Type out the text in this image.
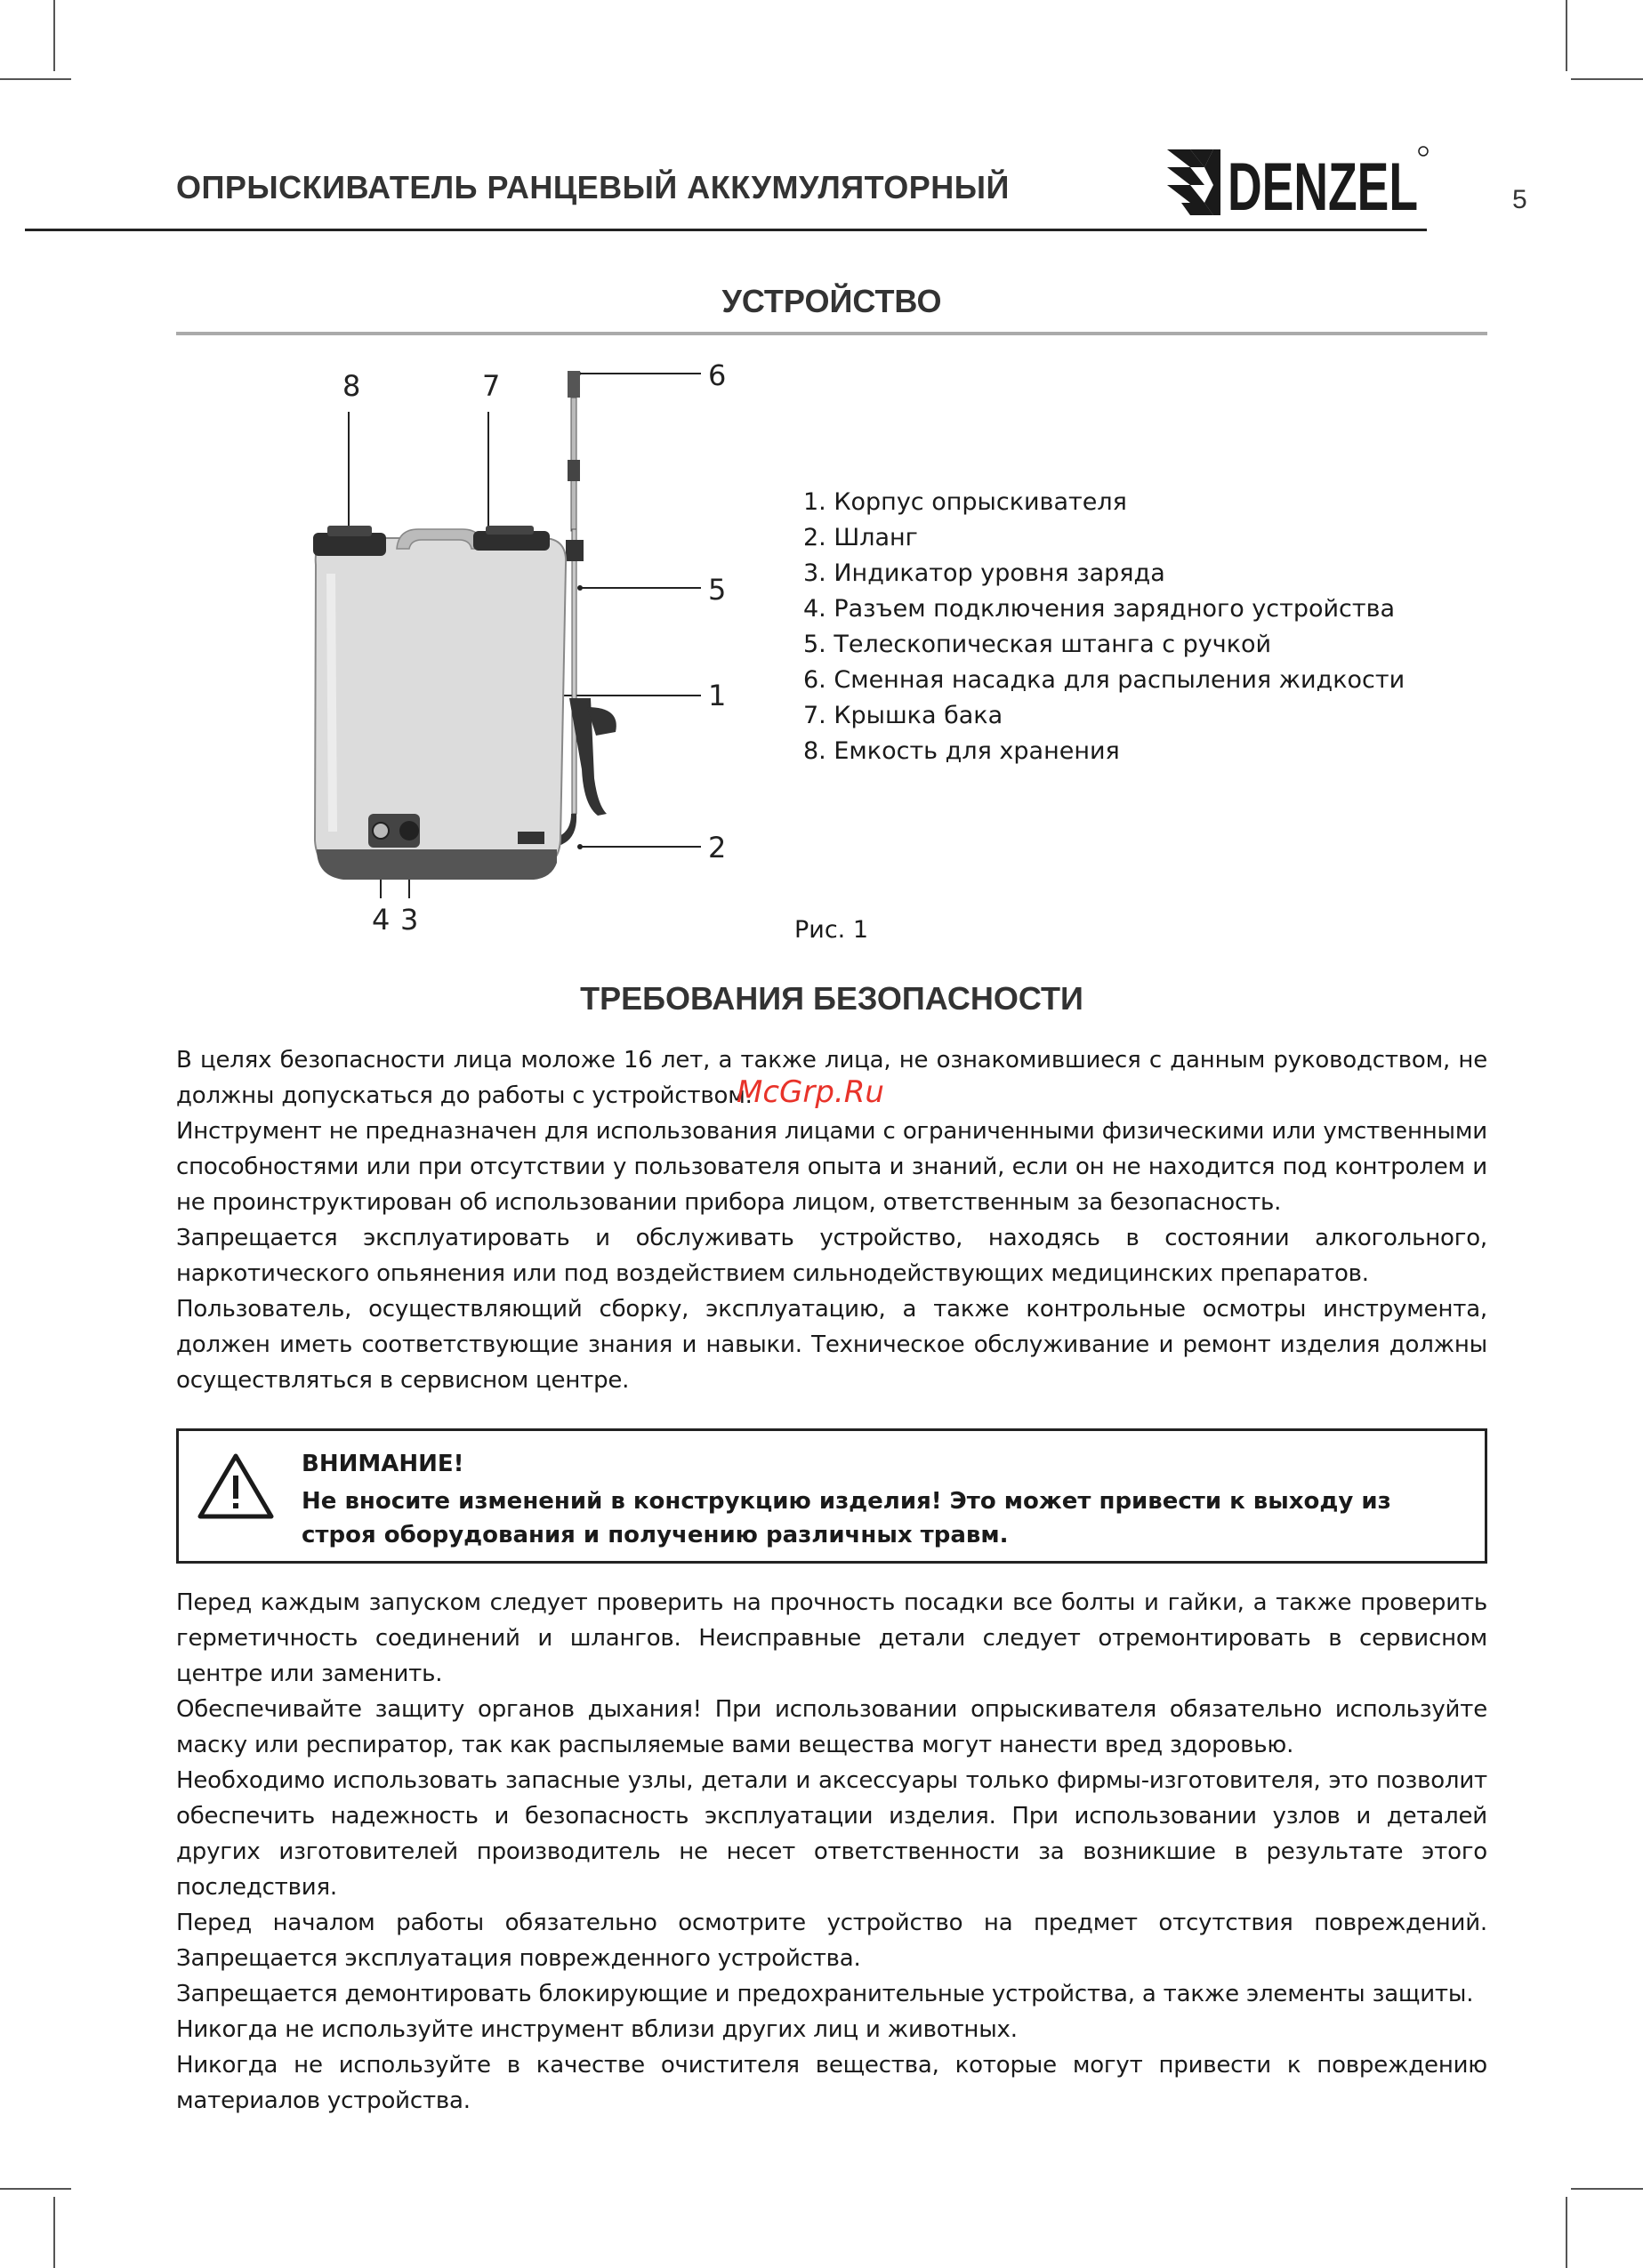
ОПРЫСКИВАТЕЛЬ РАНЦЕВЫЙ АККУМУЛЯТОРНЫЙ	5
DENZEL
УСТРОЙСТВО
8	7	6
5
1
2
4 3
1. Корпус опрыскивателя
2. Шланг
3. Индикатор уровня заряда
4. Разъем подключения зарядного устройства
5. Телескопическая штанга с ручкой
6. Сменная насадка для распыления жидкости
7. Крышка бака
8. Емкость для хранения
Рис. 1
ТРЕБОВАНИЯ БЕЗОПАСНОСТИ

В целях безопасности лица моложе 16 лет, а также лица, не ознакомившиеся с данным руководством, не должны допускаться до работы с устройством.

Инструмент не предназначен для использования лицами с ограниченными физическими или умственными способностями или при отсутствии у пользователя опыта и знаний, если он не находится под контролем и не проинструктирован об использовании прибора лицом, ответственным за безопасность.

Запрещается эксплуатировать и обслуживать устройство, находясь в состоянии алкогольного, наркотического опьянения или под воздействием сильнодействующих медицинских препаратов.

Пользователь, осуществляющий сборку, эксплуатацию, а также контрольные осмотры инструмента, должен иметь соответствующие знания и навыки. Техническое обслуживание и ремонт изделия должны осуществляться в сервисном центре.

McGrp.Ru
ВНИМАНИЕ!
Не вносите изменений в конструкцию изделия! Это может привести к выходу из строя оборудования и получению различных травм.

Перед каждым запуском следует проверить на прочность посадки все болты и гайки, а также проверить герметичность соединений и шлангов. Неисправные детали следует отремонтировать в сервисном центре или заменить.

Обеспечивайте защиту органов дыхания! При использовании опрыскивателя обязательно используйте маску или респиратор, так как распыляемые вами вещества могут нанести вред здоровью.

Необходимо использовать запасные узлы, детали и аксессуары только фирмы-изготовителя, это позволит обеспечить надежность и безопасность эксплуатации изделия. При использовании узлов и деталей других изготовителей производитель не несет ответственности за возникшие в результате этого последствия.

Перед началом работы обязательно осмотрите устройство на предмет отсутствия повреждений. Запрещается эксплуатация поврежденного устройства.

Запрещается демонтировать блокирующие и предохранительные устройства, а также элементы защиты.

Никогда не используйте инструмент вблизи других лиц и животных.

Никогда не используйте в качестве очистителя вещества, которые могут привести к повреждению материалов устройства.
